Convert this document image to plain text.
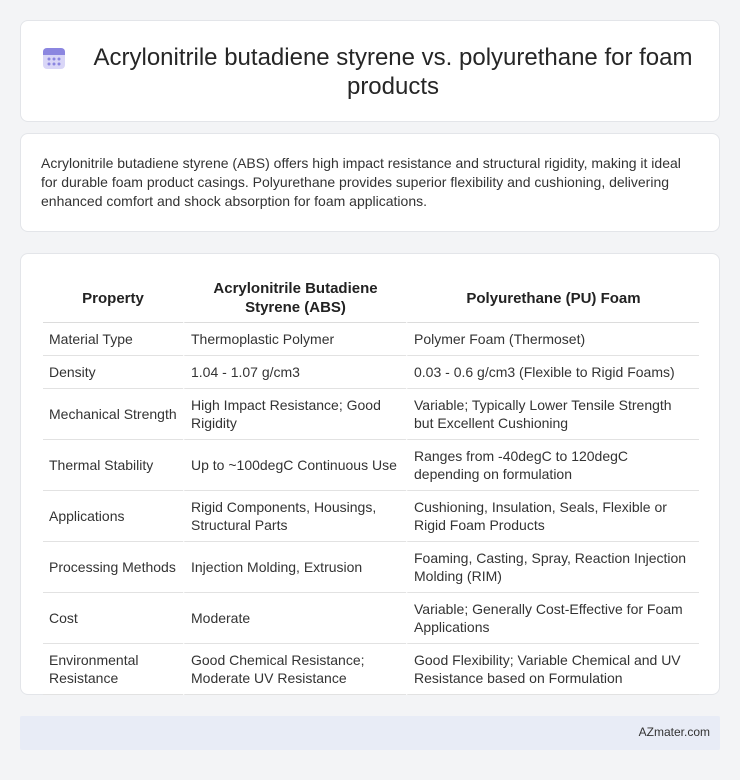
Acrylonitrile butadiene styrene vs. polyurethane for foam products

Acrylonitrile butadiene styrene (ABS) offers high impact resistance and structural rigidity, making it ideal for durable foam product casings. Polyurethane provides superior flexibility and cushioning, delivering enhanced comfort and shock absorption for foam applications.

Property	Acrylonitrile Butadiene Styrene (ABS)	Polyurethane (PU) Foam
Material Type	Thermoplastic Polymer	Polymer Foam (Thermoset)
Density	1.04 - 1.07 g/cm3	0.03 - 0.6 g/cm3 (Flexible to Rigid Foams)
Mechanical Strength	High Impact Resistance; Good Rigidity	Variable; Typically Lower Tensile Strength but Excellent Cushioning
Thermal Stability	Up to ~100degC Continuous Use	Ranges from -40degC to 120degC depending on formulation
Applications	Rigid Components, Housings, Structural Parts	Cushioning, Insulation, Seals, Flexible or Rigid Foam Products
Processing Methods	Injection Molding, Extrusion	Foaming, Casting, Spray, Reaction Injection Molding (RIM)
Cost	Moderate	Variable; Generally Cost-Effective for Foam Applications
Environmental Resistance	Good Chemical Resistance; Moderate UV Resistance	Good Flexibility; Variable Chemical and UV Resistance based on Formulation
AZmater.com
